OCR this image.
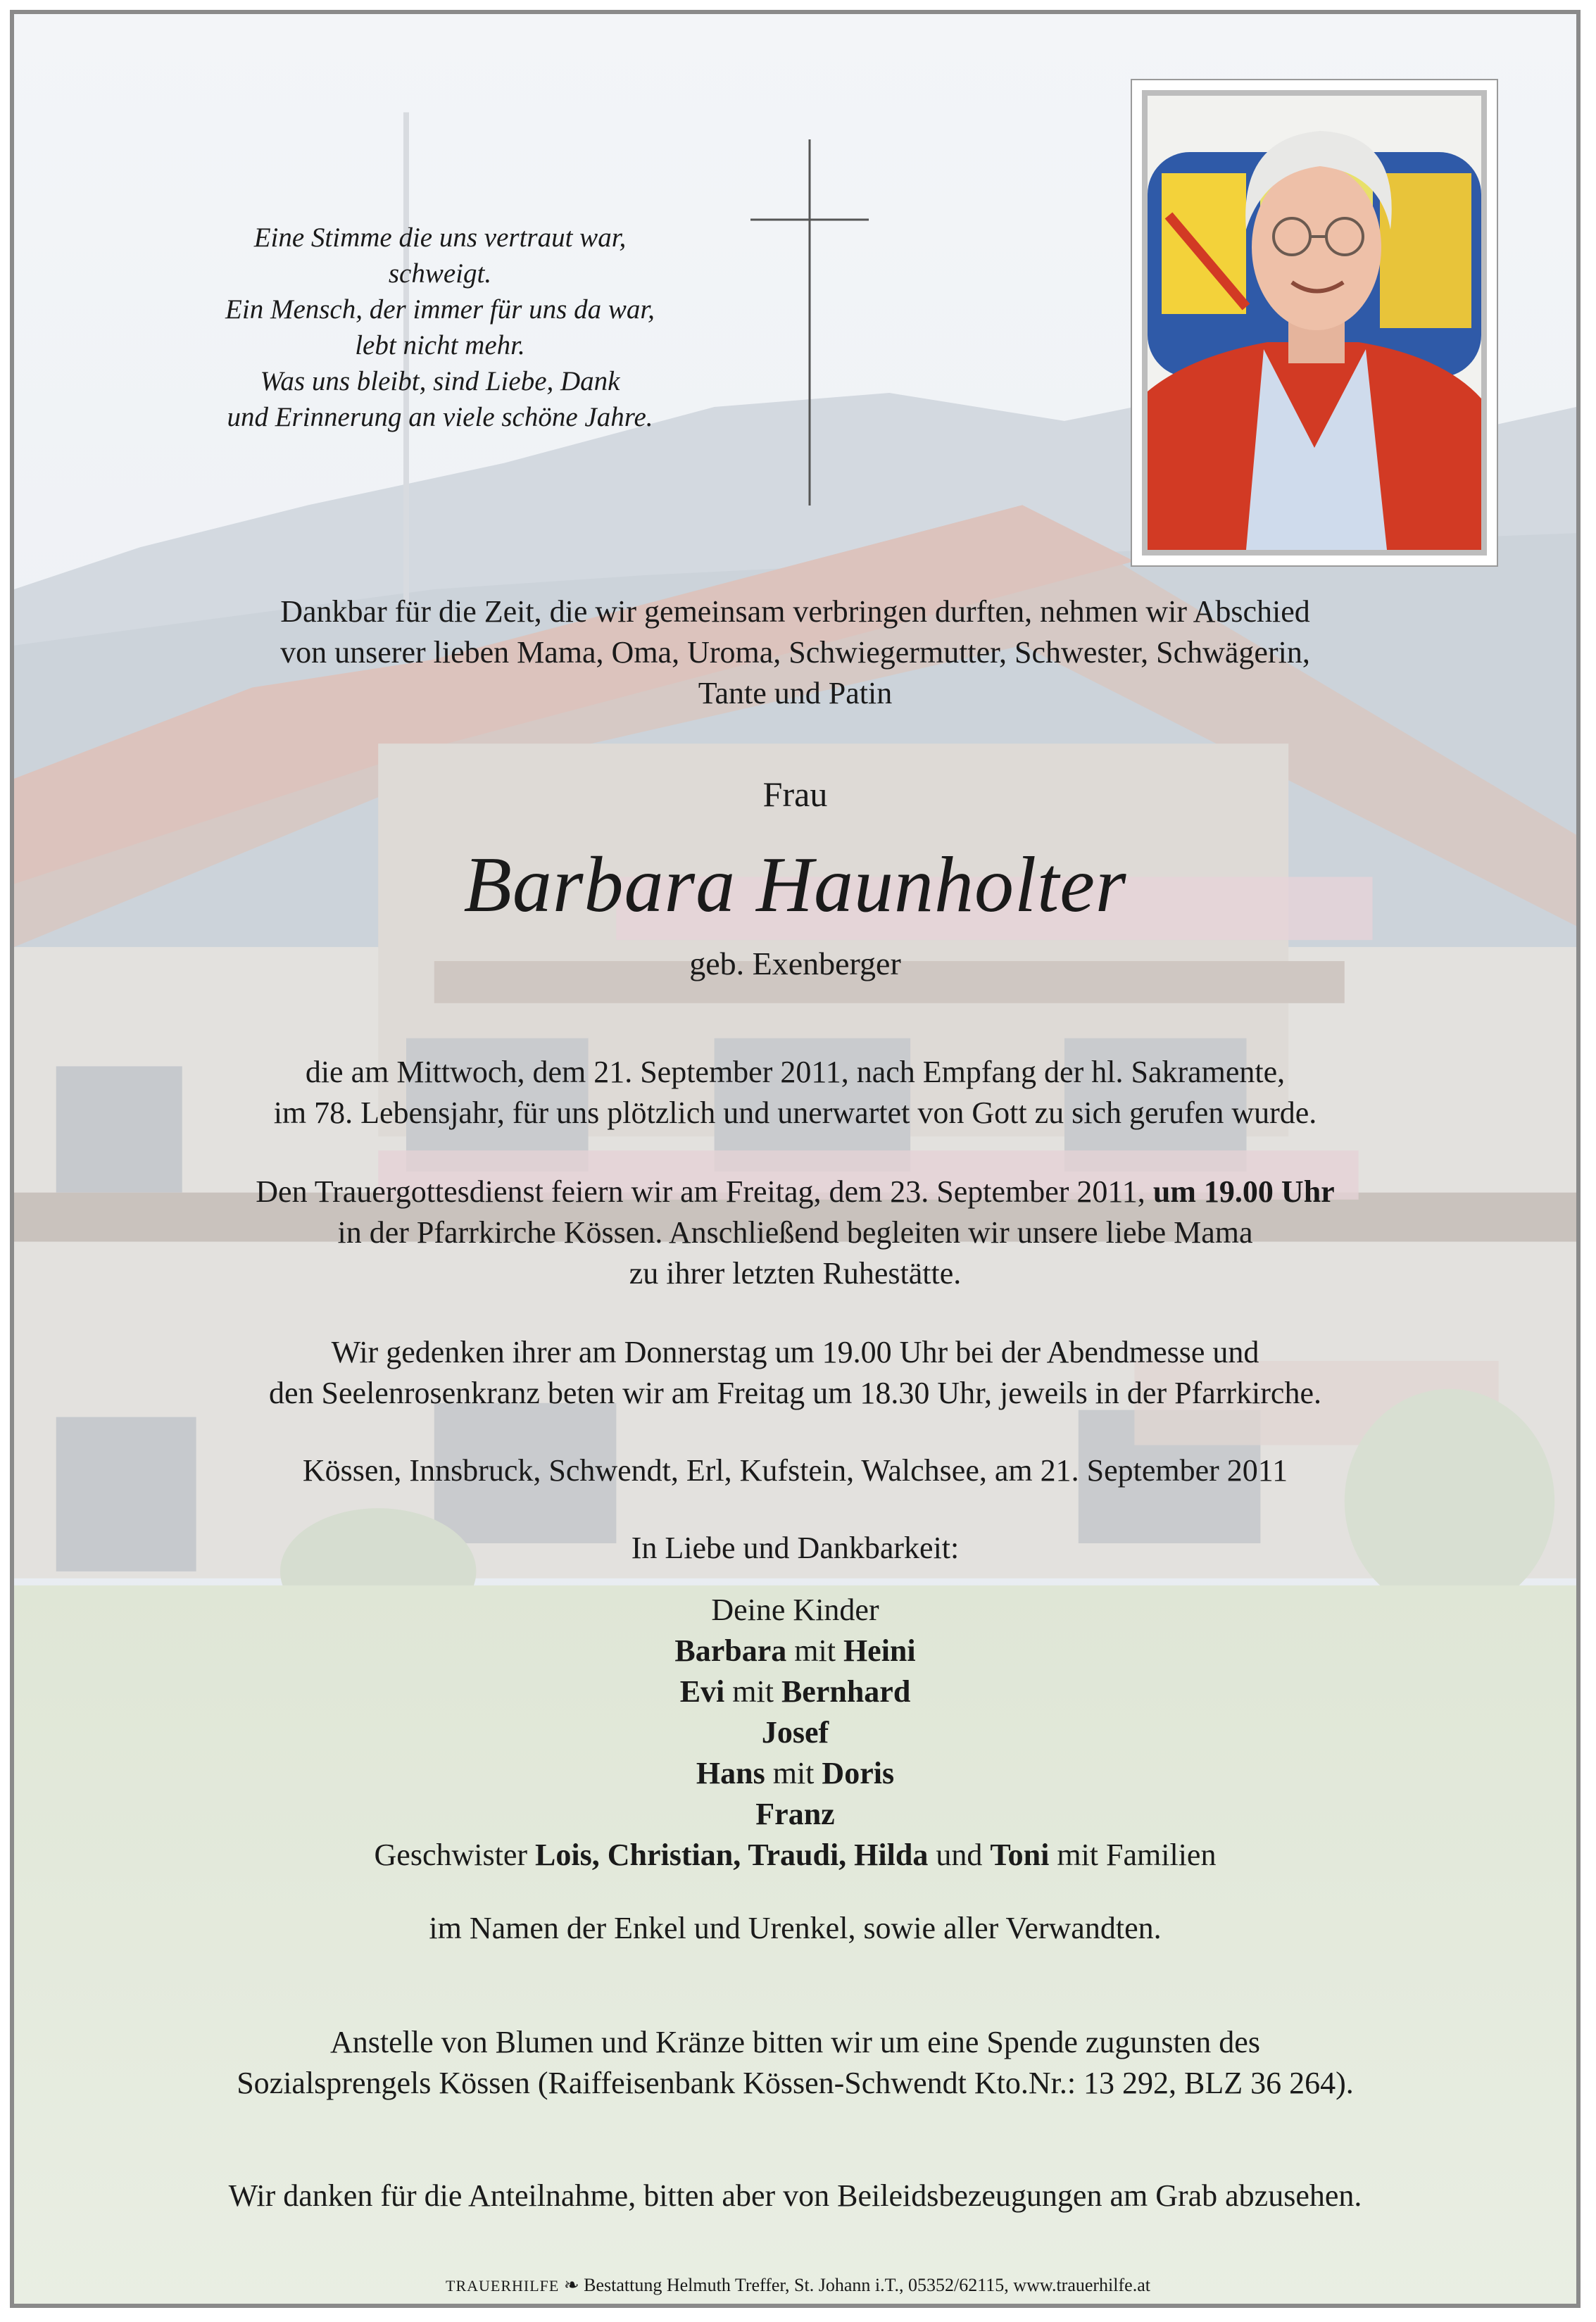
Eine Stimme die uns vertraut war,
schweigt.
Ein Mensch, der immer für uns da war,
lebt nicht mehr.
Was uns bleibt, sind Liebe, Dank
und Erinnerung an viele schöne Jahre.
Dankbar für die Zeit, die wir gemeinsam verbringen durften, nehmen wir Abschied
von unserer lieben Mama, Oma, Uroma, Schwiegermutter, Schwester, Schwägerin,
Tante und Patin
Frau
Barbara Haunholter
geb. Exenberger
die am Mittwoch, dem 21. September 2011, nach Empfang der hl. Sakramente,
im 78. Lebensjahr, für uns plötzlich und unerwartet von Gott zu sich gerufen wurde.
Den Trauergottesdienst feiern wir am Freitag, dem 23. September 2011, um 19.00 Uhr
in der Pfarrkirche Kössen. Anschließend begleiten wir unsere liebe Mama
zu ihrer letzten Ruhestätte.
Wir gedenken ihrer am Donnerstag um 19.00 Uhr bei der Abendmesse und
den Seelenrosenkranz beten wir am Freitag um 18.30 Uhr, jeweils in der Pfarrkirche.
Kössen, Innsbruck, Schwendt, Erl, Kufstein, Walchsee, am 21. September 2011
In Liebe und Dankbarkeit:
Deine Kinder
Barbara mit Heini
Evi mit Bernhard
Josef
Hans mit Doris
Franz
Geschwister Lois, Christian, Traudi, Hilda und Toni mit Familien
im Namen der Enkel und Urenkel, sowie aller Verwandten.
Anstelle von Blumen und Kränze bitten wir um eine Spende zugunsten des
Sozialsprengels Kössen (Raiffeisenbank Kössen-Schwendt Kto.Nr.: 13 292, BLZ 36 264).
Wir danken für die Anteilnahme, bitten aber von Beileidsbezeugungen am Grab abzusehen.
TRAUERHILFE ❧ Bestattung Helmuth Treffer, St. Johann i.T., 05352/62115, www.trauerhilfe.at
